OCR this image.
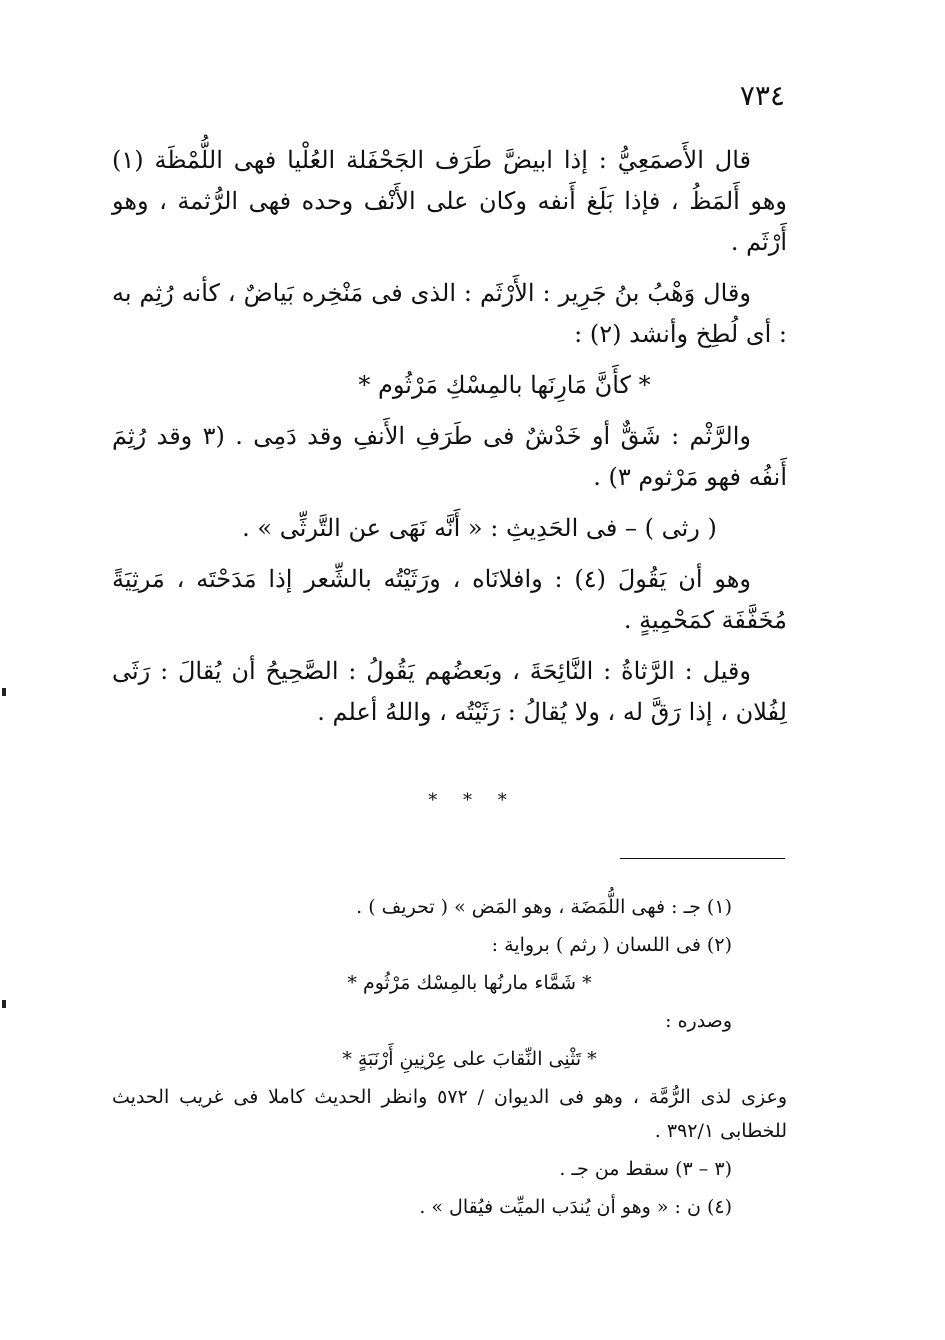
٧٣٤

قال الأَصمَعِيُّ : إذا ابيضَّ طَرَف الجَحْفَلة العُلْيا فهى اللُّمْظَة (١) وهو أَلمَظُ ، فإذا بَلَغ أَنفه وكان على الأَنْف وحده فهى الرُّثمة ، وهو أَرْثَم .

وقال وَهْبُ بنُ جَرِير : الأَرْثَم : الذى فى مَنْخِره بَياضٌ ، كأنه رُثِم به : أى لُطِخ وأنشد (٢) :

* كأَنَّ مَارِنَها بالمِسْكِ مَرْثُوم *

والرَّثْم : شَقٌّ أو خَدْشٌ فى طَرَفِ الأَنفِ وقد دَمِى . (٣ وقد رُثِمَ أَنفُه فهو مَرْثوم ٣) .

( رثى ) – فى الحَدِيثِ : « أَنَّه نَهَى عن التَّرثِّى » .

وهو أن يَقُولَ (٤) : وافلانَاه ، ورَثَيْتُه بالشِّعر إذا مَدَحْتَه ، مَرثِيَةً مُخَفَّفَة كمَحْمِيةٍ .

وقيل : الرَّثاةُ : النَّائِحَةَ ، وبَعضُهم يَقُولُ : الصَّحِيحُ أن يُقالَ : رَثَى لِفُلان ، إذا رَقَّ له ، ولا يُقالُ : رَثَيْتُه ، واللهُ أعلم .

* * *
(١) جـ : فهى اللُّمَضَة ، وهو المَض » ( تحريف ) .
(٢) فى اللسان ( رثم ) برواية :
* شَمَّاء مارنُها بالمِسْك مَرْثُوم *
وصدره :
* تَثْنِى النِّقابَ على عِرْنِينِ أَرْنَبَةٍ *
وعزى لذى الرُّمَّة ، وهو فى الديوان / ٥٧٢ وانظر الحديث كاملا فى غريب الحديث للخطابى ٣٩٢/١ .
(٣ – ٣) سقط من جـ .
(٤) ن : « وهو أن يُندَب الميِّت فيُقال » .
